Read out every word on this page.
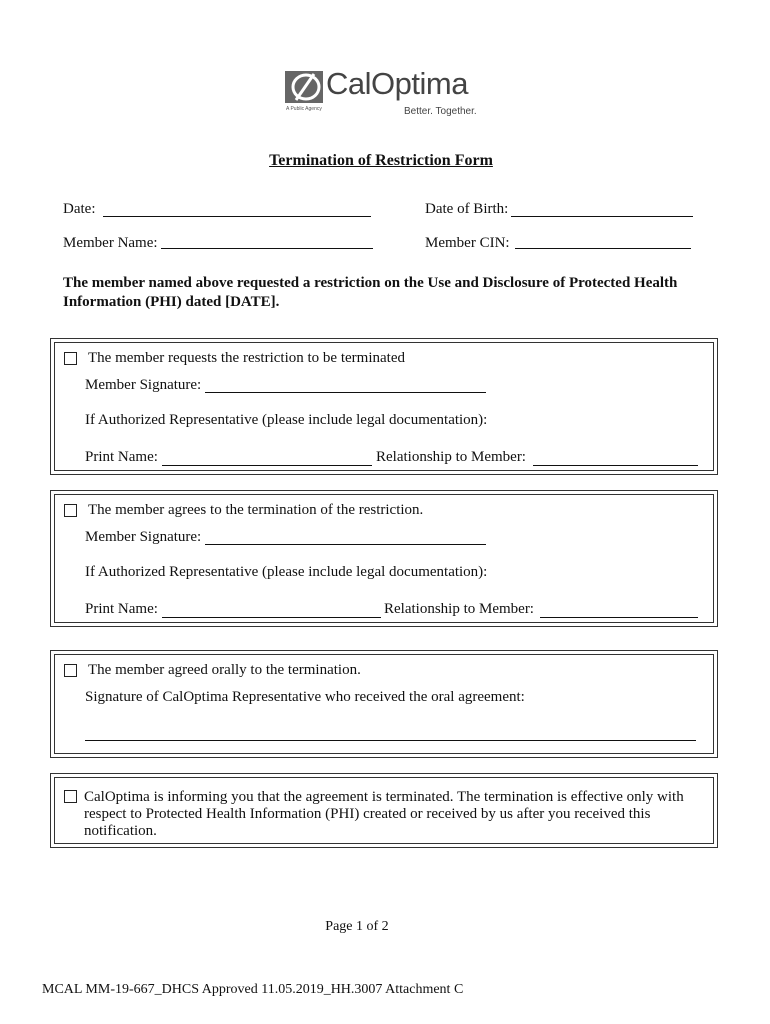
CalOptima
A Public Agency	Better. Together.
Termination of Restriction Form
Date:	Date of Birth:
Member Name:	Member CIN:
The member named above requested a restriction on the Use and Disclosure of Protected Health Information (PHI) dated [DATE].
The member requests the restriction to be terminated
Member Signature:
If Authorized Representative (please include legal documentation):
Print Name:	Relationship to Member:
The member agrees to the termination of the restriction.
Member Signature:
If Authorized Representative (please include legal documentation):
Print Name:	Relationship to Member:
The member agreed orally to the termination.
Signature of CalOptima Representative who received the oral agreement:
CalOptima is informing you that the agreement is terminated. The termination is effective only with respect to Protected Health Information (PHI) created or received by us after you received this notification.
Page 1 of 2
MCAL MM-19-667_DHCS Approved 11.05.2019_HH.3007 Attachment C
